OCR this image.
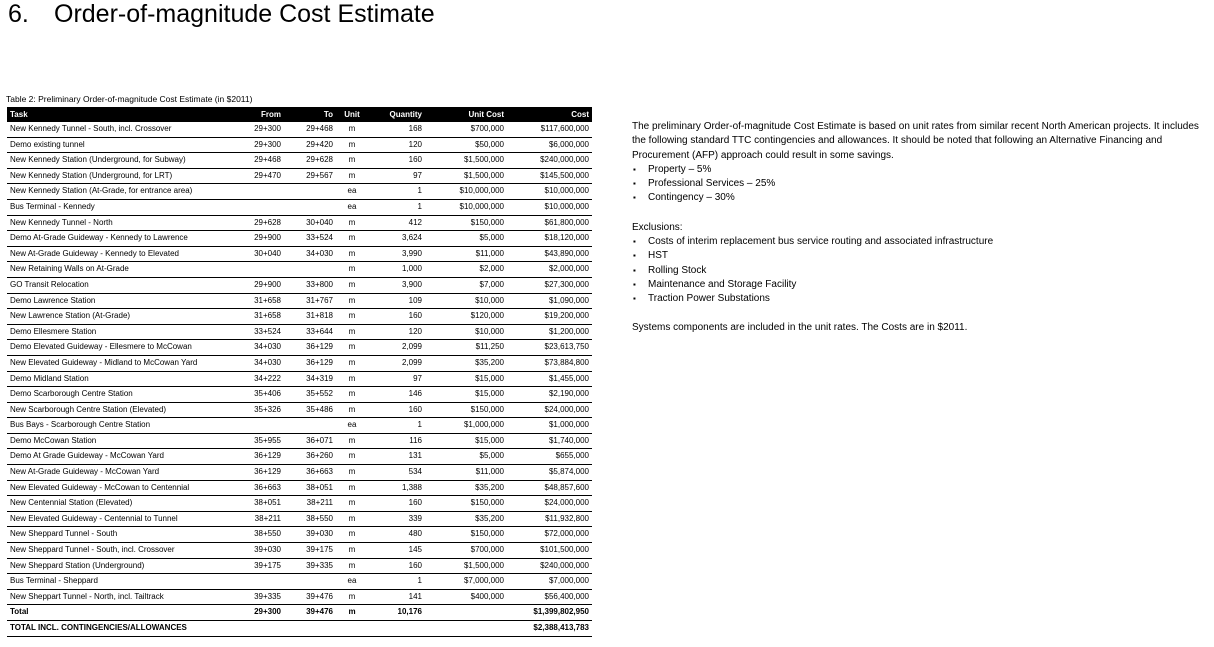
6. Order-of-magnitude Cost Estimate
Table 2: Preliminary Order-of-magnitude Cost Estimate (in $2011)
Task	From	To	Unit	Quantity	Unit Cost	Cost
New Kennedy Tunnel - South, incl. Crossover	29+300	29+468	m	168	$700,000	$117,600,000
Demo existing tunnel	29+300	29+420	m	120	$50,000	$6,000,000
New Kennedy Station (Underground, for Subway)	29+468	29+628	m	160	$1,500,000	$240,000,000
New Kennedy Station (Underground, for LRT)	29+470	29+567	m	97	$1,500,000	$145,500,000
New Kennedy Station (At-Grade, for entrance area)			ea	1	$10,000,000	$10,000,000
Bus Terminal - Kennedy			ea	1	$10,000,000	$10,000,000
New Kennedy Tunnel - North	29+628	30+040	m	412	$150,000	$61,800,000
Demo At-Grade Guideway - Kennedy to Lawrence	29+900	33+524	m	3,624	$5,000	$18,120,000
New At-Grade Guideway - Kennedy to Elevated	30+040	34+030	m	3,990	$11,000	$43,890,000
New Retaining Walls on At-Grade			m	1,000	$2,000	$2,000,000
GO Transit Relocation	29+900	33+800	m	3,900	$7,000	$27,300,000
Demo Lawrence Station	31+658	31+767	m	109	$10,000	$1,090,000
New Lawrence Station (At-Grade)	31+658	31+818	m	160	$120,000	$19,200,000
Demo Ellesmere Station	33+524	33+644	m	120	$10,000	$1,200,000
Demo Elevated Guideway - Ellesmere to McCowan	34+030	36+129	m	2,099	$11,250	$23,613,750
New Elevated Guideway - Midland to McCowan Yard	34+030	36+129	m	2,099	$35,200	$73,884,800
Demo Midland Station	34+222	34+319	m	97	$15,000	$1,455,000
Demo Scarborough Centre Station	35+406	35+552	m	146	$15,000	$2,190,000
New Scarborough Centre Station (Elevated)	35+326	35+486	m	160	$150,000	$24,000,000
Bus Bays - Scarborough Centre Station			ea	1	$1,000,000	$1,000,000
Demo McCowan Station	35+955	36+071	m	116	$15,000	$1,740,000
Demo At Grade Guideway - McCowan Yard	36+129	36+260	m	131	$5,000	$655,000
New At-Grade Guideway - McCowan Yard	36+129	36+663	m	534	$11,000	$5,874,000
New Elevated Guideway - McCowan to Centennial	36+663	38+051	m	1,388	$35,200	$48,857,600
New Centennial Station (Elevated)	38+051	38+211	m	160	$150,000	$24,000,000
New Elevated Guideway - Centennial to Tunnel	38+211	38+550	m	339	$35,200	$11,932,800
New Sheppard Tunnel - South	38+550	39+030	m	480	$150,000	$72,000,000
New Sheppard Tunnel - South, incl. Crossover	39+030	39+175	m	145	$700,000	$101,500,000
New Sheppard Station (Underground)	39+175	39+335	m	160	$1,500,000	$240,000,000
Bus Terminal - Sheppard			ea	1	$7,000,000	$7,000,000
New Sheppart Tunnel - North, incl. Tailtrack	39+335	39+476	m	141	$400,000	$56,400,000
Total	29+300	39+476	m	10,176		$1,399,802,950
TOTAL INCL. CONTINGENCIES/ALLOWANCES						$2,388,413,783

The preliminary Order-of-magnitude Cost Estimate is based on unit rates from similar recent North American projects. It includes the following standard TTC contingencies and allowances. It should be noted that following an Alternative Financing and Procurement (AFP) approach could result in some savings.

▪ Property – 5%
▪ Professional Services – 25%
▪ Contingency – 30%

Exclusions:

▪ Costs of interim replacement bus service routing and associated infrastructure
▪ HST
▪ Rolling Stock
▪ Maintenance and Storage Facility
▪ Traction Power Substations

Systems components are included in the unit rates. The Costs are in $2011.
